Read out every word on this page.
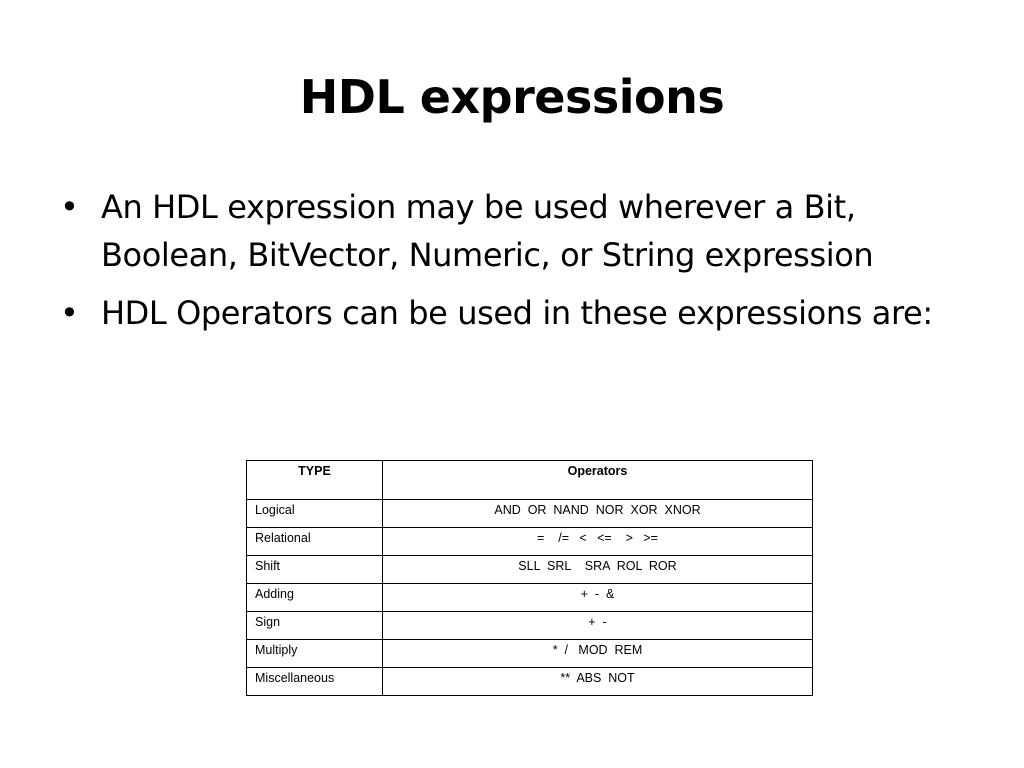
HDL expressions
• An HDL expression may be used wherever a Bit, Boolean, BitVector, Numeric, or String expression
• HDL Operators can be used in these expressions are:
TYPE	Operators
Logical	AND  OR  NAND  NOR  XOR  XNOR
Relational	=    /=   <   <=    >   >=
Shift	SLL  SRL    SRA  ROL  ROR
Adding	+  -  &
Sign	+  -
Multiply	*  /   MOD  REM
Miscellaneous	**  ABS  NOT
